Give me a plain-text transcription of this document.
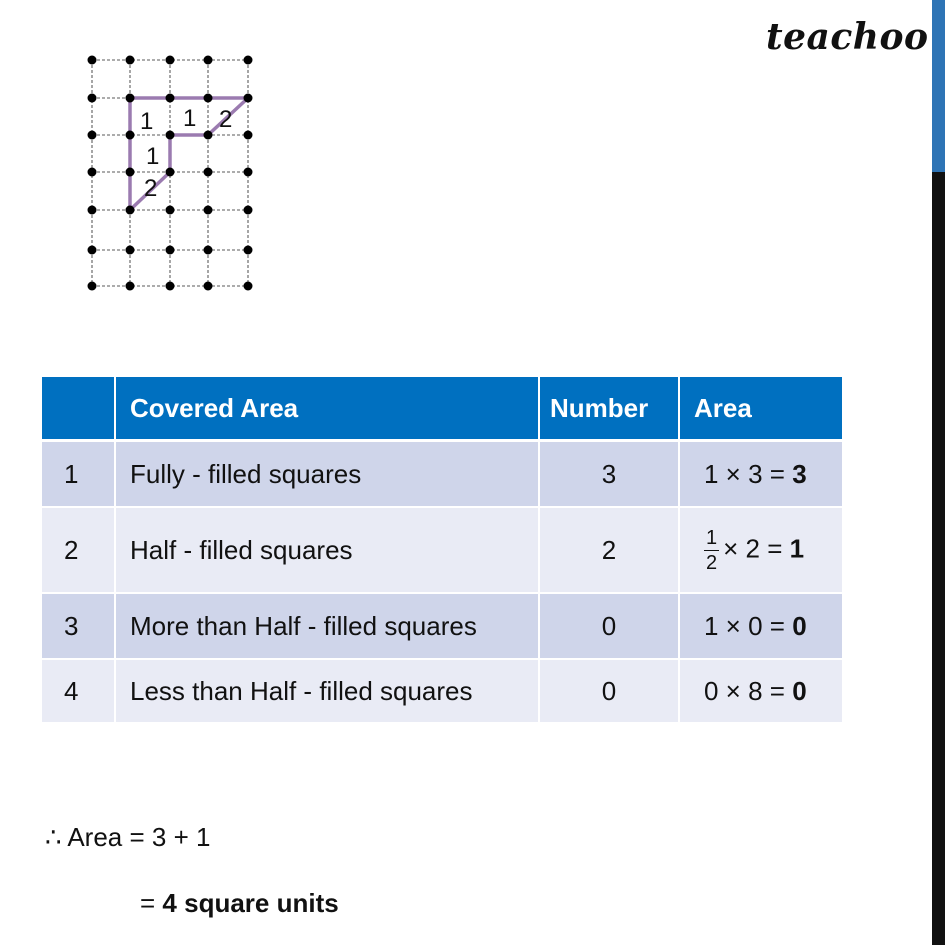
teachoo
1 1 2
1
2
	Covered Area	Number	Area
1	Fully - filled squares	3	1 × 3 = 3
2	Half - filled squares	2	$\frac{1}{2} \times 2 = 1$
3	More than Half - filled squares	0	1 × 0 = 0
4	Less than Half - filled squares	0	0 × 8 = 0
∴ Area = 3 + 1
= 4 square units
